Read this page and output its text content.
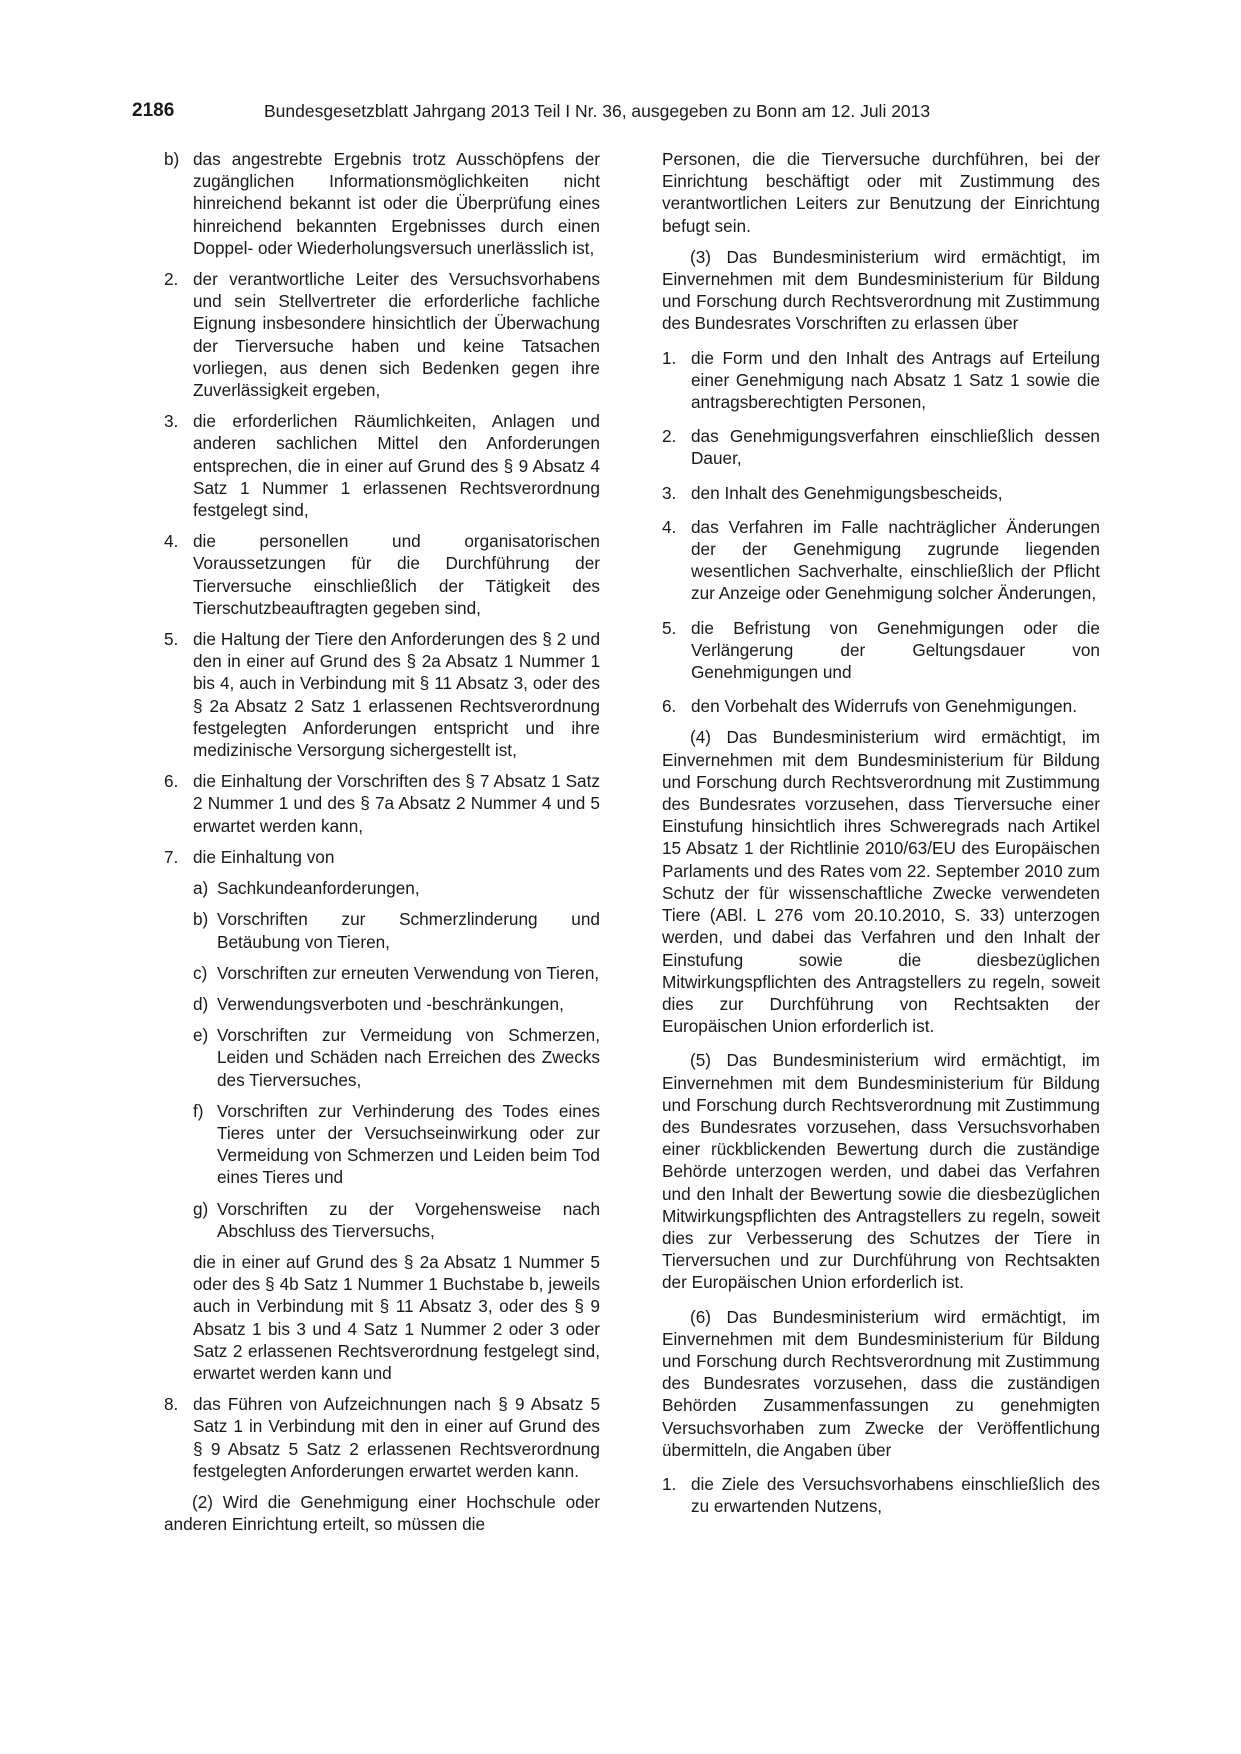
2186	Bundesgesetzblatt Jahrgang 2013 Teil I Nr. 36, ausgegeben zu Bonn am 12. Juli 2013
b) das angestrebte Ergebnis trotz Ausschöpfens der zugänglichen Informationsmöglichkeiten nicht hinreichend bekannt ist oder die Überprüfung eines hinreichend bekannten Ergebnisses durch einen Doppel- oder Wiederholungsversuch unerlässlich ist,
2. der verantwortliche Leiter des Versuchsvorhabens und sein Stellvertreter die erforderliche fachliche Eignung insbesondere hinsichtlich der Überwachung der Tierversuche haben und keine Tatsachen vorliegen, aus denen sich Bedenken gegen ihre Zuverlässigkeit ergeben,
3. die erforderlichen Räumlichkeiten, Anlagen und anderen sachlichen Mittel den Anforderungen entsprechen, die in einer auf Grund des § 9 Absatz 4 Satz 1 Nummer 1 erlassenen Rechtsverordnung festgelegt sind,
4. die personellen und organisatorischen Voraussetzungen für die Durchführung der Tierversuche einschließlich der Tätigkeit des Tierschutzbeauftragten gegeben sind,
5. die Haltung der Tiere den Anforderungen des § 2 und den in einer auf Grund des § 2a Absatz 1 Nummer 1 bis 4, auch in Verbindung mit § 11 Absatz 3, oder des § 2a Absatz 2 Satz 1 erlassenen Rechtsverordnung festgelegten Anforderungen entspricht und ihre medizinische Versorgung sichergestellt ist,
6. die Einhaltung der Vorschriften des § 7 Absatz 1 Satz 2 Nummer 1 und des § 7a Absatz 2 Nummer 4 und 5 erwartet werden kann,
7. die Einhaltung von
a) Sachkundeanforderungen,
b) Vorschriften zur Schmerzlinderung und Betäubung von Tieren,
c) Vorschriften zur erneuten Verwendung von Tieren,
d) Verwendungsverboten und -beschränkungen,
e) Vorschriften zur Vermeidung von Schmerzen, Leiden und Schäden nach Erreichen des Zwecks des Tierversuches,
f) Vorschriften zur Verhinderung des Todes eines Tieres unter der Versuchseinwirkung oder zur Vermeidung von Schmerzen und Leiden beim Tod eines Tieres und
g) Vorschriften zu der Vorgehensweise nach Abschluss des Tierversuchs,
die in einer auf Grund des § 2a Absatz 1 Nummer 5 oder des § 4b Satz 1 Nummer 1 Buchstabe b, jeweils auch in Verbindung mit § 11 Absatz 3, oder des § 9 Absatz 1 bis 3 und 4 Satz 1 Nummer 2 oder 3 oder Satz 2 erlassenen Rechtsverordnung festgelegt sind, erwartet werden kann und
8. das Führen von Aufzeichnungen nach § 9 Absatz 5 Satz 1 in Verbindung mit den in einer auf Grund des § 9 Absatz 5 Satz 2 erlassenen Rechtsverordnung festgelegten Anforderungen erwartet werden kann.

(2) Wird die Genehmigung einer Hochschule oder anderen Einrichtung erteilt, so müssen die

Personen, die die Tierversuche durchführen, bei der Einrichtung beschäftigt oder mit Zustimmung des verantwortlichen Leiters zur Benutzung der Einrichtung befugt sein.

(3) Das Bundesministerium wird ermächtigt, im Einvernehmen mit dem Bundesministerium für Bildung und Forschung durch Rechtsverordnung mit Zustimmung des Bundesrates Vorschriften zu erlassen über

1. die Form und den Inhalt des Antrags auf Erteilung einer Genehmigung nach Absatz 1 Satz 1 sowie die antragsberechtigten Personen,
2. das Genehmigungsverfahren einschließlich dessen Dauer,
3. den Inhalt des Genehmigungsbescheids,
4. das Verfahren im Falle nachträglicher Änderungen der der Genehmigung zugrunde liegenden wesentlichen Sachverhalte, einschließlich der Pflicht zur Anzeige oder Genehmigung solcher Änderungen,
5. die Befristung von Genehmigungen oder die Verlängerung der Geltungsdauer von Genehmigungen und
6. den Vorbehalt des Widerrufs von Genehmigungen.

(4) Das Bundesministerium wird ermächtigt, im Einvernehmen mit dem Bundesministerium für Bildung und Forschung durch Rechtsverordnung mit Zustimmung des Bundesrates vorzusehen, dass Tierversuche einer Einstufung hinsichtlich ihres Schweregrads nach Artikel 15 Absatz 1 der Richtlinie 2010/63/EU des Europäischen Parlaments und des Rates vom 22. September 2010 zum Schutz der für wissenschaftliche Zwecke verwendeten Tiere (ABl. L 276 vom 20.10.2010, S. 33) unterzogen werden, und dabei das Verfahren und den Inhalt der Einstufung sowie die diesbezüglichen Mitwirkungspflichten des Antragstellers zu regeln, soweit dies zur Durchführung von Rechtsakten der Europäischen Union erforderlich ist.

(5) Das Bundesministerium wird ermächtigt, im Einvernehmen mit dem Bundesministerium für Bildung und Forschung durch Rechtsverordnung mit Zustimmung des Bundesrates vorzusehen, dass Versuchsvorhaben einer rückblickenden Bewertung durch die zuständige Behörde unterzogen werden, und dabei das Verfahren und den Inhalt der Bewertung sowie die diesbezüglichen Mitwirkungspflichten des Antragstellers zu regeln, soweit dies zur Verbesserung des Schutzes der Tiere in Tierversuchen und zur Durchführung von Rechtsakten der Europäischen Union erforderlich ist.

(6) Das Bundesministerium wird ermächtigt, im Einvernehmen mit dem Bundesministerium für Bildung und Forschung durch Rechtsverordnung mit Zustimmung des Bundesrates vorzusehen, dass die zuständigen Behörden Zusammenfassungen zu genehmigten Versuchsvorhaben zum Zwecke der Veröffentlichung übermitteln, die Angaben über

1. die Ziele des Versuchsvorhabens einschließlich des zu erwartenden Nutzens,
